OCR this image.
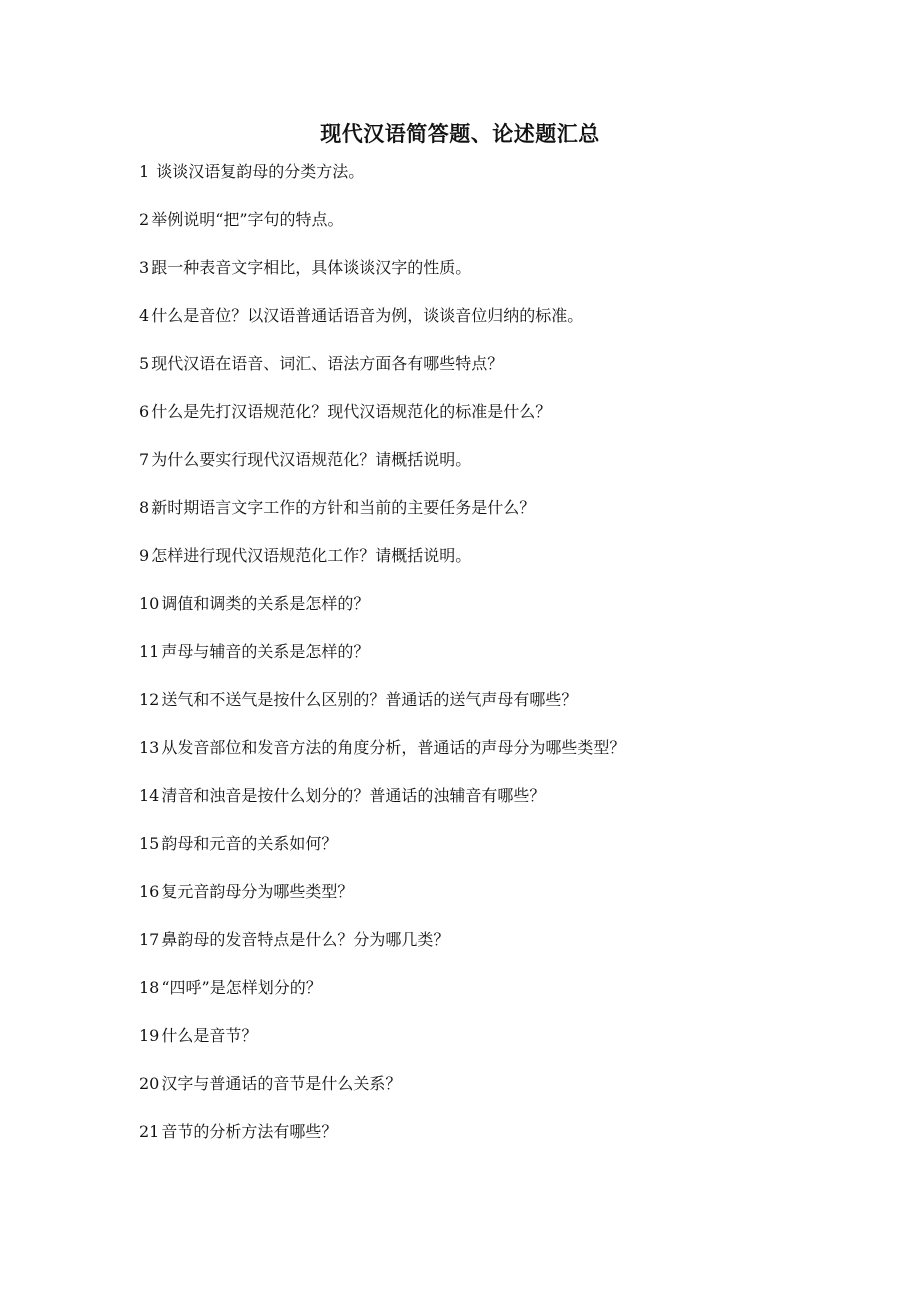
现代汉语简答题、论述题汇总
1 谈谈汉语复韵母的分类方法。
2 举例说明“把”字句的特点。
3 跟一种表音文字相比，具体谈谈汉字的性质。
4 什么是音位？以汉语普通话语音为例，谈谈音位归纳的标准。
5 现代汉语在语音、词汇、语法方面各有哪些特点？
6 什么是先打汉语规范化？现代汉语规范化的标准是什么？
7 为什么要实行现代汉语规范化？请概括说明。
8 新时期语言文字工作的方针和当前的主要任务是什么？
9 怎样进行现代汉语规范化工作？请概括说明。
10 调值和调类的关系是怎样的？
11 声母与辅音的关系是怎样的？
12 送气和不送气是按什么区别的？普通话的送气声母有哪些？
13 从发音部位和发音方法的角度分析，普通话的声母分为哪些类型？
14 清音和浊音是按什么划分的？普通话的浊辅音有哪些？
15 韵母和元音的关系如何？
16 复元音韵母分为哪些类型？
17 鼻韵母的发音特点是什么？分为哪几类？
18 “四呼”是怎样划分的？
19 什么是音节？
20 汉字与普通话的音节是什么关系？
21 音节的分析方法有哪些？
